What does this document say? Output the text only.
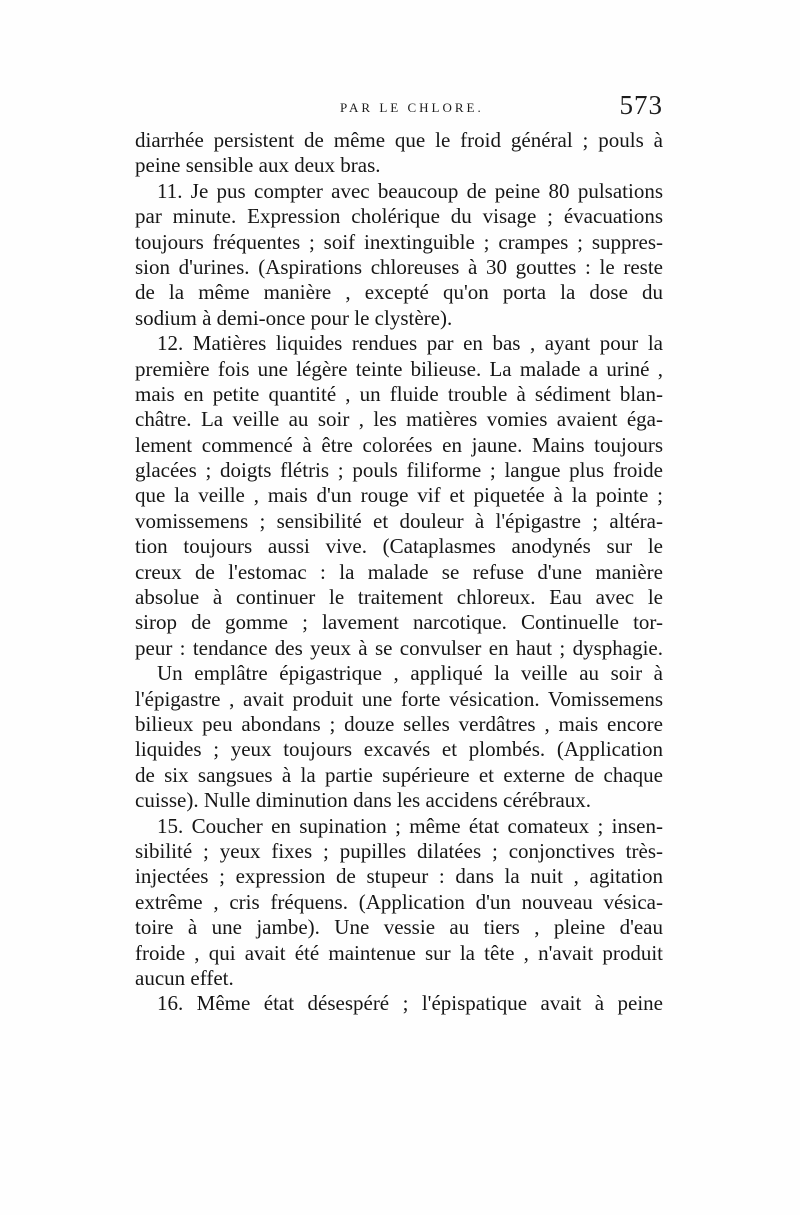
PAR LE CHLORE.	573
diarrhée persistent de même que le froid général ; pouls à
peine sensible aux deux bras.
11. Je pus compter avec beaucoup de peine 80 pulsations
par minute. Expression cholérique du visage ; évacuations
toujours fréquentes ; soif inextinguible ; crampes ; suppres-
sion d'urines. (Aspirations chloreuses à 30 gouttes : le reste
de la même manière , excepté qu'on porta la dose du
sodium à demi-once pour le clystère).
12. Matières liquides rendues par en bas , ayant pour la
première fois une légère teinte bilieuse. La malade a uriné ,
mais en petite quantité , un fluide trouble à sédiment blan-
châtre. La veille au soir , les matières vomies avaient éga-
lement commencé à être colorées en jaune. Mains toujours
glacées ; doigts flétris ; pouls filiforme ; langue plus froide
que la veille , mais d'un rouge vif et piquetée à la pointe ;
vomissemens ; sensibilité et douleur à l'épigastre ; altéra-
tion toujours aussi vive. (Cataplasmes anodynés sur le
creux de l'estomac : la malade se refuse d'une manière
absolue à continuer le traitement chloreux. Eau avec le
sirop de gomme ; lavement narcotique. Continuelle tor-
peur : tendance des yeux à se convulser en haut ; dysphagie.
Un emplâtre épigastrique , appliqué la veille au soir à
l'épigastre , avait produit une forte vésication. Vomissemens
bilieux peu abondans ; douze selles verdâtres , mais encore
liquides ; yeux toujours excavés et plombés. (Application
de six sangsues à la partie supérieure et externe de chaque
cuisse). Nulle diminution dans les accidens cérébraux.
15. Coucher en supination ; même état comateux ; insen-
sibilité ; yeux fixes ; pupilles dilatées ; conjonctives très-
injectées ; expression de stupeur : dans la nuit , agitation
extrême , cris fréquens. (Application d'un nouveau vésica-
toire à une jambe). Une vessie au tiers , pleine d'eau
froide , qui avait été maintenue sur la tête , n'avait produit
aucun effet.
16. Même état désespéré ; l'épispatique avait à peine
